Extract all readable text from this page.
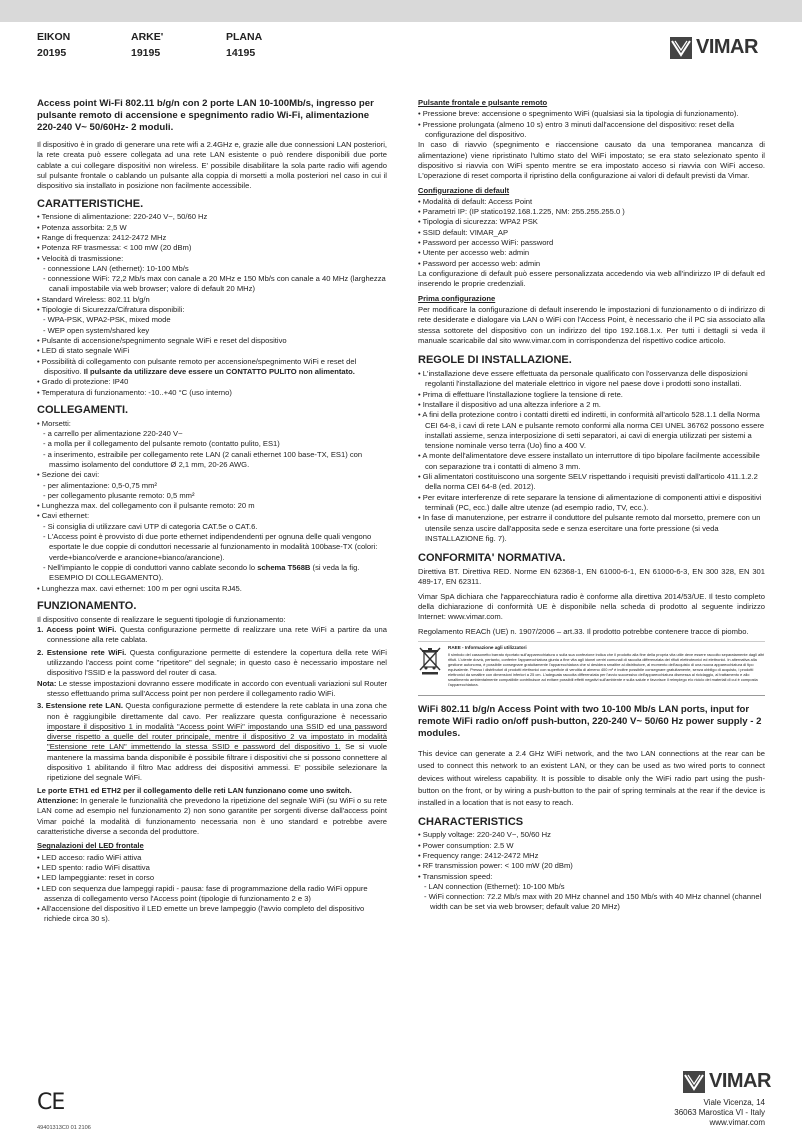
EIKON
20195
ARKE'
19195
PLANA
14195	VIMAR
Access point Wi-Fi 802.11 b/g/n con 2 porte LAN 10-100Mb/s, ingresso per pulsante remoto di accensione e spegnimento radio Wi-Fi, alimentazione 220-240 V~ 50/60Hz- 2 moduli.
Il dispositivo è in grado di generare una rete wifi a 2.4GHz e, grazie alle due connessioni LAN posteriori, la rete creata può essere collegata ad una rete LAN esistente o può rendere disponibili due porte cablate a cui collegare dispositivi non wireless. E' possibile disabilitare la sola parte radio wifi agendo sul pulsante frontale o cablando un pulsante alla coppia di morsetti a molla posteriori nel caso in cui il dispositivo sia installato in posizione non facilmente accessibile.
CARATTERISTICHE.
• Tensione di alimentazione: 220-240 V~, 50/60 Hz
• Potenza assorbita: 2,5 W
• Range di frequenza: 2412-2472 MHz
• Potenza RF trasmessa: < 100 mW (20 dBm)
• Velocità di trasmissione:
- connessione LAN (ethernet): 10-100 Mb/s
- connessione WiFi: 72,2 Mb/s max con canale a 20 MHz e 150 Mb/s con canale a 40 MHz (larghezza canali impostabile via web browser; valore di default 20 MHz)
• Standard Wireless: 802.11 b/g/n
• Tipologie di Sicurezza/Cifratura disponibili:
- WPA-PSK, WPA2-PSK, mixed mode
- WEP open system/shared key
• Pulsante di accensione/spegnimento segnale WiFi e reset del dispositivo
• LED di stato segnale WiFi
• Possibilità di collegamento con pulsante remoto per accensione/spegnimento WiFi e reset del dispositivo. Il pulsante da utilizzare deve essere un CONTATTO PULITO non alimentato.
• Grado di protezione: IP40
• Temperatura di funzionamento: -10..+40 °C (uso interno)
COLLEGAMENTI.
• Morsetti:
- a carrello per alimentazione 220-240 V~
- a molla per il collegamento del pulsante remoto (contatto pulito, ES1)
- a inserimento, estraibile per collegamento rete LAN (2 canali ethernet 100 base-TX, ES1) con massimo isolamento del conduttore Ø 2,1 mm, 20-26 AWG.
• Sezione dei cavi:
- per alimentazione: 0,5-0,75 mm²
- per collegamento plusante remoto: 0,5 mm²
• Lunghezza max. del collegamento con il pulsante remoto: 20 m
• Cavi ethernet:
- Si consiglia di utilizzare cavi UTP di categoria CAT.5e o CAT.6.
- L'Access point è provvisto di due porte ethernet indipendendenti per ognuna delle quali vengono esportate le due coppie di conduttori necessarie al funzionamento in modalità 100base-TX (colori: verde+bianco/verde e arancione+bianco/arancione).
- Nell'impianto le coppie di conduttori vanno cablate secondo lo schema T568B (si veda la fig. ESEMPIO DI COLLEGAMENTO).
• Lunghezza max. cavi ethernet: 100 m per ogni uscita RJ45.
FUNZIONAMENTO.
Il dispositivo consente di realizzare le seguenti tipologie di funzionamento:
1. Access point WiFi. Questa configurazione permette di realizzare una rete WiFi a partire da una connessione alla rete cablata.
2. Estensione rete WiFi. Questa configurazione permette di estendere la copertura della rete WiFi utilizzando l'access point come "ripetitore" del segnale; in questo caso è necessario impostare nel dispositivo l'SSID e la password del router di casa.
Nota: Le stesse impostazioni dovranno essere modificate in accordo con eventuali variazioni sul Router stesso effettuando prima sull'Access point per non perdere il collegamento radio WiFi.
3. Estensione rete LAN. Questa configurazione permette di estendere la rete cablata in una zona che non è raggiungibile direttamente dal cavo. Per realizzare questa configurazione è necessario impostare il dispositivo 1 in modalità "Access point WiFi" impostando una SSID ed una password diverse rispetto a quelle del router principale, mentre il dispositivo 2 va impostato in modalità "Estensione rete LAN" immettendo la stessa SSID e password del dispositivo 1. Se si vuole mantenere la massima banda disponibile è possibile filtrare i dispositivi che si possono connettere al dispositivo 1 abilitando il filtro Mac address dei dispositivi ammessi. E' possibile selezionare la ripetizione del segnale WiFi.
Le porte ETH1 ed ETH2 per il collegamento delle reti LAN funzionano come uno switch.
Attenzione: In generale le funzionalità che prevedono la ripetizione del segnale WiFi (su WiFi o su rete LAN come ad esempio nel funzionamento 2) non sono garantite per sorgenti diverse dall'access point Vimar poiché la modalità di funzionamento necessaria non è uno standard e potrebbe avere caratteristiche diverse a seconda del produttore.
Segnalazioni del LED frontale
• LED acceso: radio WiFi attiva
• LED spento: radio WiFi disattiva
• LED lampeggiante: reset in corso
• LED con sequenza due lampeggi rapidi - pausa: fase di programmazione della radio WiFi oppure assenza di collegamento verso l'Access point (tipologie di funzionamento 2 e 3)
• All'accensione del dispositivo il LED emette un breve lampeggio (l'avvio completo del dispositivo richiede circa 30 s).
Pulsante frontale e pulsante remoto
• Pressione breve: accensione o spegnimento WiFi (qualsiasi sia la tipologia di funzionamento).
• Pressione prolungata (almeno 10 s) entro 3 minuti dall'accensione del dispositivo: reset della configurazione del dispositivo.
In caso di riavvio (spegnimento e riaccensione causato da una temporanea mancanza di alimentazione) viene ripristinato l'ultimo stato del WiFi impostato; se era stato selezionato spento il dispositivo si riavvia con WiFi spento mentre se era impostato acceso si riavvia con WiFi acceso. L'operazione di reset comporta il ripristino della configurazione ai valori di default previsti da Vimar.
Configurazione di default
• Modalità di default: Access Point
• Parametri IP: (IP statico192.168.1.225, NM: 255.255.255.0 )
• Tipologia di sicurezza: WPA2 PSK
• SSID default: VIMAR_AP
• Password per accesso WiFi: password
• Utente per accesso web: admin
• Password per accesso web: admin
La configurazione di default può essere personalizzata accedendo via web all'indirizzo IP di default ed inserendo le proprie credenziali.
Prima configurazione
Per modificare la configurazione di default inserendo le impostazioni di funzionamento o di indirizzo di rete desiderate e dialogare via LAN o WiFi con l'Access Point, è necessario che il PC sia associato alla stessa sottorete del dispositivo con un indirizzo del tipo 192.168.1.x. Per tutti i dettagli si veda il manuale scaricabile dal sito www.vimar.com in corrispondenza del rispettivo codice articolo.
REGOLE DI INSTALLAZIONE.
• L'installazione deve essere effettuata da personale qualificato con l'osservanza delle disposizioni regolanti l'installazione del materiale elettrico in vigore nel paese dove i prodotti sono installati.
• Prima di effettuare l'installazione togliere la tensione di rete.
• Installare il dispositivo ad una altezza inferiore a 2 m.
• A fini della protezione contro i contatti diretti ed indiretti, in conformità all'articolo 528.1.1 della Norma CEI 64-8, i cavi di rete LAN e pulsante remoto conformi alla norma CEI UNEL 36762 possono essere installati assieme, senza interposizione di setti separatori, ai cavi di energia utilizzati per sistemi a tensione nominale verso terra (Uo) fino a 400 V.
• A monte dell'alimentatore deve essere installato un interruttore di tipo bipolare facilmente accessibile con separazione tra i contatti di almeno 3 mm.
• Gli alimentatori costituiscono una sorgente SELV rispettando i requisiti previsti dall'articolo 411.1.2.2 della norma CEI 64-8 (ed. 2012).
• Per evitare interferenze di rete separare la tensione di alimentazione di componenti attivi e dispositivi terminali (PC, ecc.) dalle altre utenze (ad esempio radio, TV, ecc.).
• In fase di manutenzione, per estrarre il conduttore del pulsante remoto dal morsetto, premere con un utensile senza uscire dall'apposita sede e senza esercitare una forte pressione (si veda INSTALLAZIONE fig. 7).
CONFORMITA' NORMATIVA.
Direttiva BT. Direttiva RED. Norme EN 62368-1, EN 61000-6-1, EN 61000-6-3, EN 300 328, EN 301 489-17, EN 62311.
Vimar SpA dichiara che l'apparecchiatura radio è conforme alla direttiva 2014/53/UE. Il testo completo della dichiarazione di conformità UE è disponibile nella scheda di prodotto al seguente indirizzo Internet: www.vimar.com.
Regolamento REACh (UE) n. 1907/2006 – art.33. Il prodotto potrebbe contenere tracce di piombo.
RAEE - Informazione agli utilizzatori
Il simbolo del cassonetto barrato riportato sull'apparecchiatura o sulla sua confezione indica che il prodotto alla fine della propria vita utile deve essere raccolto separatamente dagli altri rifiuti. L'utente dovrà, pertanto, conferire l'apparecchiatura giunta a fine vita agli idonei centri comunali di raccolta differenziata dei rifiuti elettrotecnici ed elettronici. In alternativa alla gestione autonoma, è possibile consegnare gratuitamente l'apparecchiatura che si desidera smaltire al distributore, al momento dell'acquisto di una nuova apparecchiatura di tipo equivalente. Presso i distributori di prodotti elettronici con superficie di vendita di almeno 400 m² è inoltre possibile consegnare gratuitamente, senza obbligo di acquisto, i prodotti elettronici da smaltire con dimensioni inferiori a 25 cm. L'adeguata raccolta differenziata per l'avvio successivo dell'apparecchiatura dismessa al riciclaggio, al trattamento e allo smaltimento ambientalmente compatibile contribuisce ad evitare possibili effetti negativi sull'ambiente e sulla salute e favorisce il reimpiego e/o riciclo dei materiali di cui è composta l'apparecchiatura.
WiFi 802.11 b/g/n Access Point with two 10-100 Mb/s LAN ports, input for remote WiFi radio on/off push-button, 220-240 V~ 50/60 Hz power supply - 2 modules.
This device can generate a 2.4 GHz WiFi network, and the two LAN connections at the rear can be used to connect this network to an existent LAN, or they can be used as two wired ports to connect devices without wireless capability. It is possible to disable only the WiFi radio part using the push-button on the front, or by wiring a push-button to the pair of spring terminals at the rear if the device is installed in a location that is not easy to reach.
CHARACTERISTICS
• Supply voltage: 220-240 V~, 50/60 Hz
• Power consumption: 2.5 W
• Frequency range: 2412-2472 MHz
• RF transmission power: < 100 mW (20 dBm)
• Transmission speed:
- LAN connection (Ethernet): 10-100 Mb/s
- WiFi connection: 72.2 Mb/s max with 20 MHz channel and 150 Mb/s with 40 MHz channel (channel width can be set via web browser; default value 20 MHz)
CE
49401313C0 01 2106
VIMAR
Viale Vicenza, 14
36063 Marostica VI - Italy
www.vimar.com
